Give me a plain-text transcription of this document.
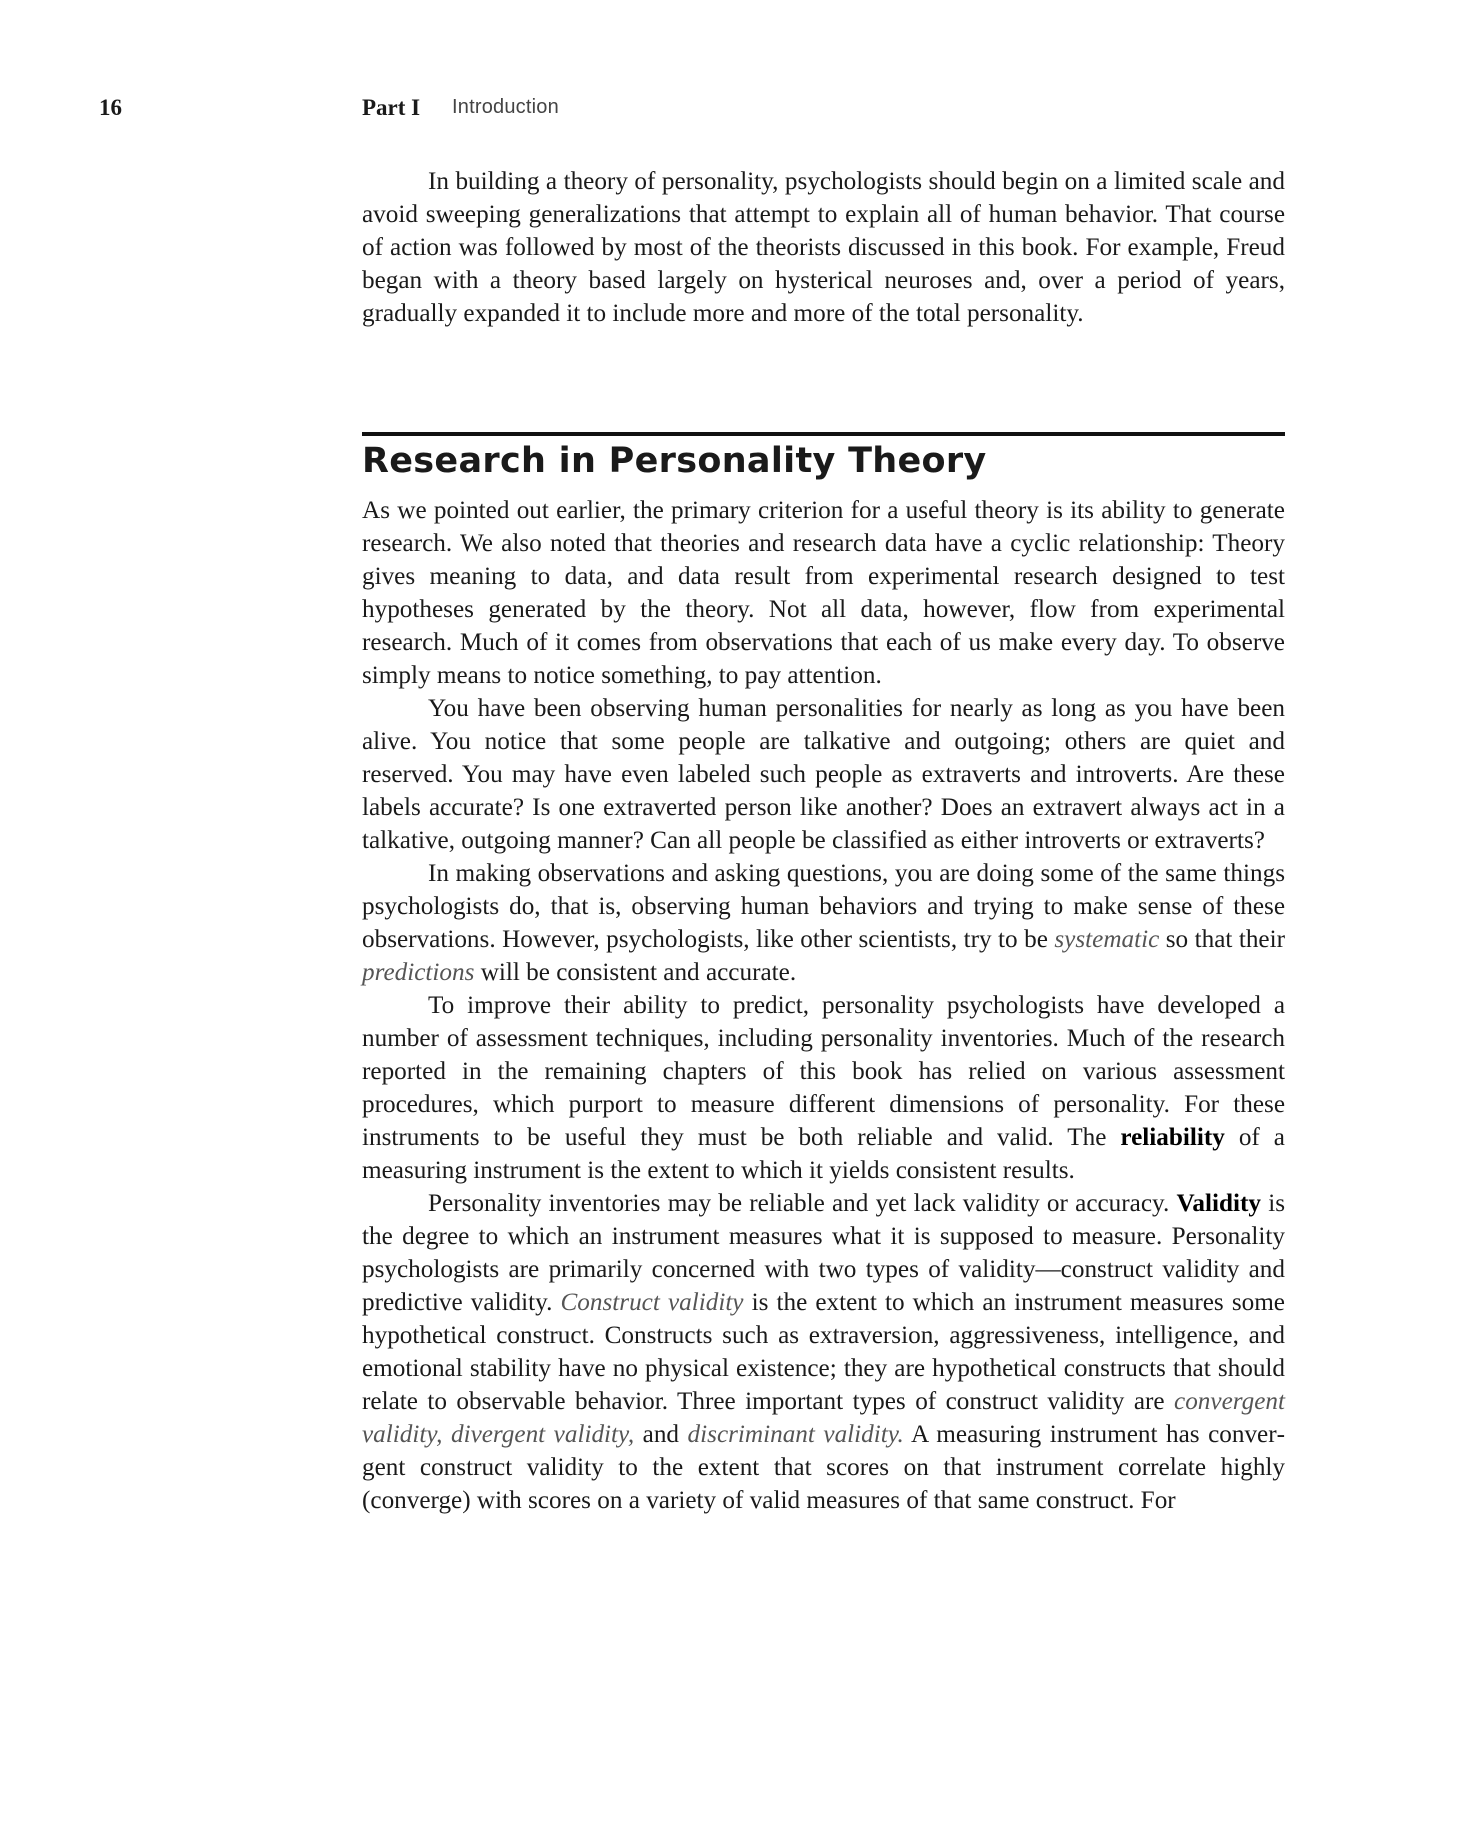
16	Part I Introduction

In building a theory of personality, psychologists should begin on a limited scale and avoid sweeping generalizations that attempt to explain all of human behavior. That course of action was followed by most of the theorists discussed in this book. For example, Freud began with a theory based largely on hysterical neuroses and, over a period of years, gradually expanded it to include more and more of the total personality.

Research in Personality Theory

As we pointed out earlier, the primary criterion for a useful theory is its ability to generate research. We also noted that theories and research data have a cyclic relationship: Theory gives meaning to data, and data result from experimental research designed to test hypotheses generated by the theory. Not all data, however, flow from experimental research. Much of it comes from observations that each of us make every day. To observe simply means to notice something, to pay attention.

You have been observing human personalities for nearly as long as you have been alive. You notice that some people are talkative and outgoing; others are quiet and reserved. You may have even labeled such people as extraverts and introverts. Are these labels accurate? Is one extraverted person like another? Does an extravert always act in a talkative, outgoing manner? Can all people be classified as either introverts or extraverts?

In making observations and asking questions, you are doing some of the same things psychologists do, that is, observing human behaviors and trying to make sense of these observations. However, psychologists, like other scientists, try to be systematic so that their predictions will be consistent and accurate.

To improve their ability to predict, personality psychologists have developed a number of assessment techniques, including personality inventories. Much of the research reported in the remaining chapters of this book has relied on various assessment procedures, which purport to measure different dimensions of personality. For these instruments to be useful they must be both reliable and valid. The reliability of a measuring instrument is the extent to which it yields consistent results.

Personality inventories may be reliable and yet lack validity or accuracy. Validity is the degree to which an instrument measures what it is supposed to measure. Personality psychologists are primarily concerned with two types of validity—construct validity and predictive validity. Construct validity is the extent to which an instrument measures some hypothetical construct. Constructs such as extraversion, aggressiveness, intelligence, and emotional stability have no physical existence; they are hypothetical constructs that should relate to observable behavior. Three important types of construct validity are convergent validity, divergent validity, and discriminant validity. A measuring instrument has convergent construct validity to the extent that scores on that instrument correlate highly (converge) with scores on a variety of valid measures of that same construct. For
